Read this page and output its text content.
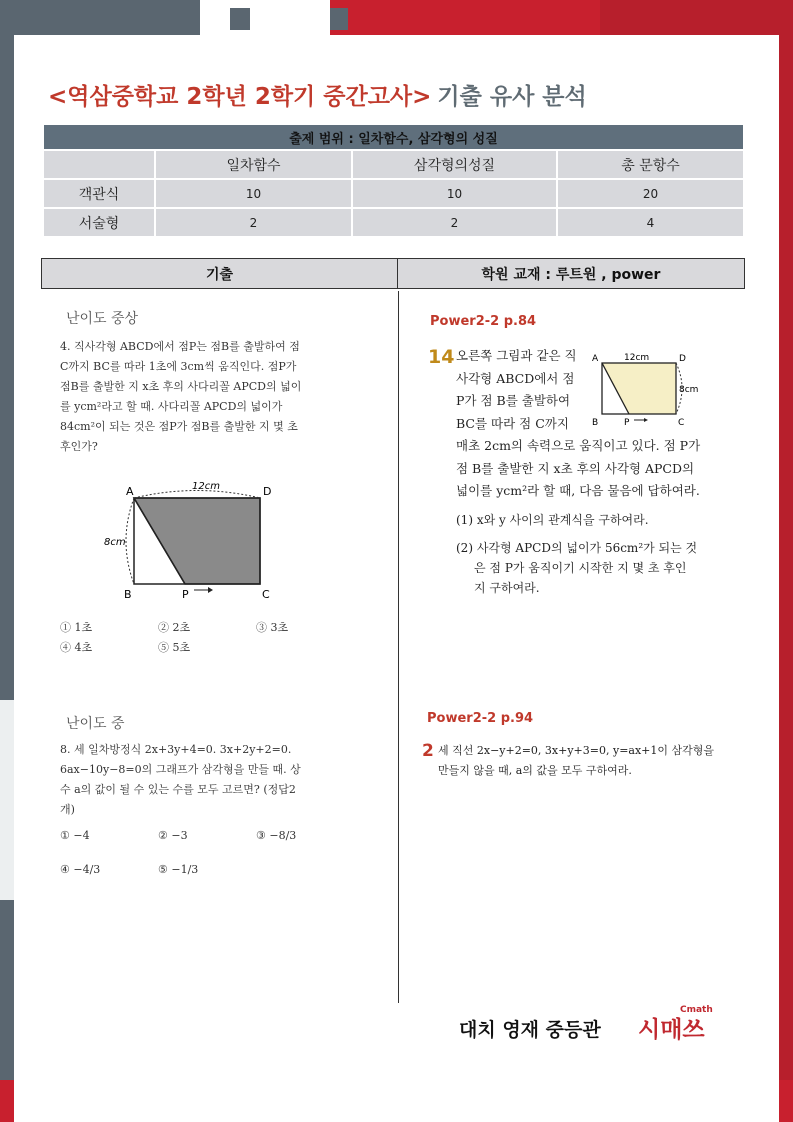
<역삼중학교 2학년 2학기 중간고사> 기출 유사 분석
출제 범위 : 일차함수, 삼각형의 성질			
	일차함수	삼각형의성질	총 문항수
객관식	10	10	20
서술형	2	2	4
기출	학원 교재 : 루트원 , power
난이도 중상
4. 직사각형 ABCD에서 점P는 점B를 출발하여 점
C까지 BC를 따라 1초에 3cm씩 움직인다. 점P가
점B를 출발한 지 x초 후의 사다리꼴 APCD의 넓이
를 ycm²라고 할 때. 사다리꼴 APCD의 넓이가
84cm²이 되는 것은 점P가 점B를 출발한 지 몇 초
후인가?
12cm
8cm
A	D
B	C
P
① 1초	② 2초	③ 3초
④ 4초	⑤ 5초
난이도 중
8. 세 일차방정식 2x+3y+4=0. 3x+2y+2=0.
6ax−10y−8=0의 그래프가 삼각형을 만들 때. 상
수 a의 값이 될 수 있는 수를 모두 고르면? (정답2
개)
① −4	② −3	③ −8/3
④ −4/3	⑤ −1/3
Power2-2 p.84
14 오른쪽 그림과 같은 직
사각형 ABCD에서 점
P가 점 B를 출발하여
BC를 따라 점 C까지
12cm
8cm
A	D
B	C
P
매초 2cm의 속력으로 움직이고 있다. 점 P가
점 B를 출발한 지 x초 후의 사각형 APCD의
넓이를 ycm²라 할 때, 다음 물음에 답하여라.
(1) x와 y 사이의 관계식을 구하여라.
(2) 사각형 APCD의 넓이가 56cm²가 되는 것
은 점 P가 움직이기 시작한 지 몇 초 후인
지 구하여라.
Power2-2 p.94
2 세 직선 2x−y+2=0, 3x+y+3=0, y=ax+1이 삼각형을
만들지 않을 때, a의 값을 모두 구하여라.
대치 영재 중등관 시매쓰
Cmath
